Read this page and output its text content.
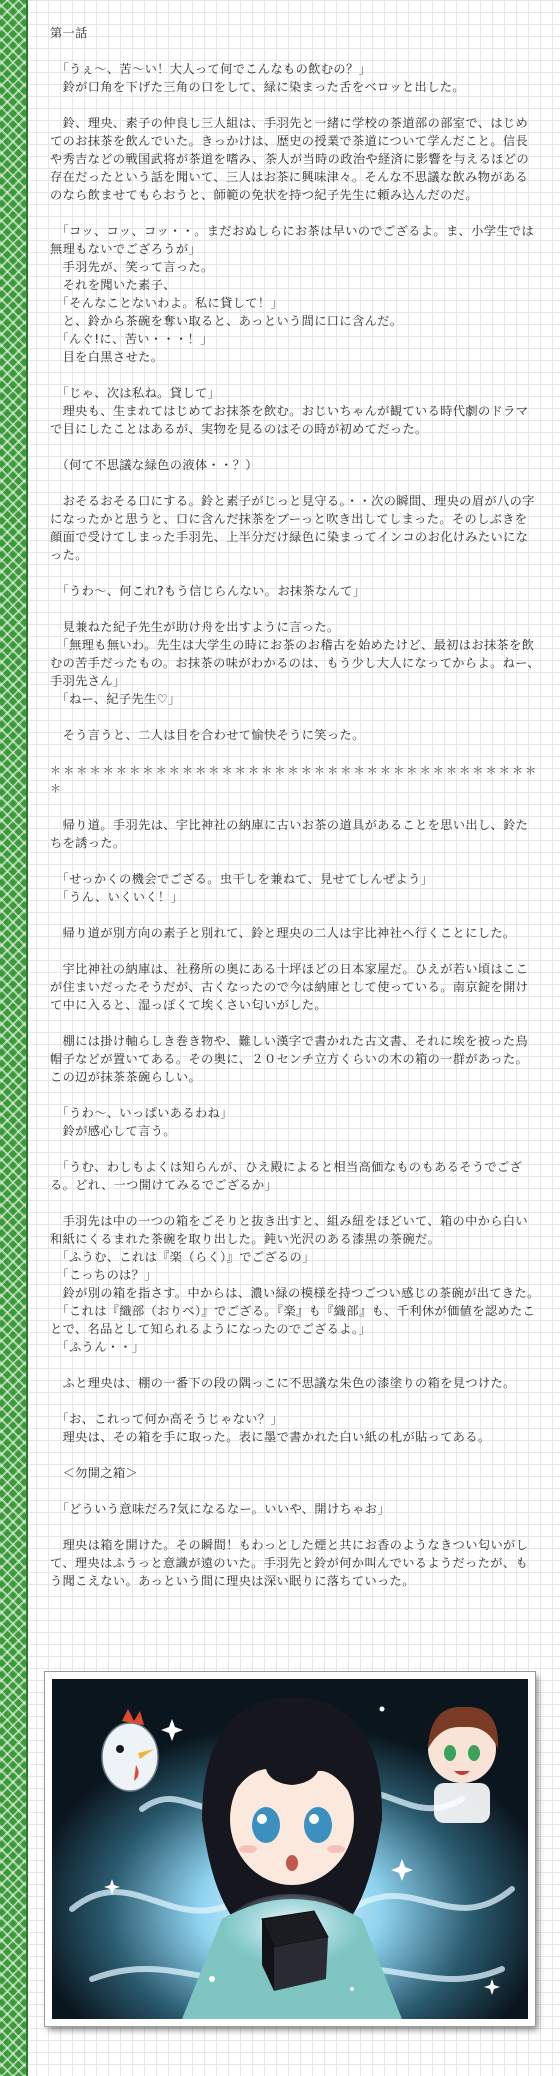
第一話

　「うぇ〜、苦〜い！大人って何でこんなもの飲むの？」

　鈴が口角を下げた三角の口をして、緑に染まった舌をベロッと出した。

　鈴、理央、素子の仲良し三人組は、手羽先と一緒に学校の茶道部の部室で、はじめてのお抹茶を飲んでいた。きっかけは、歴史の授業で茶道について学んだこと。信長や秀吉などの戦国武将が茶道を嗜み、茶人が当時の政治や経済に影響を与えるほどの存在だったという話を聞いて、三人はお茶に興味津々。そんな不思議な飲み物があるのなら飲ませてもらおうと、師範の免状を持つ紀子先生に頼み込んだのだ。

　「コッ、コッ、コッ・・。まだおぬしらにお茶は早いのでござるよ。ま、小学生では無理もないでござろうが」

　手羽先が、笑って言った。

　それを聞いた素子、

　「そんなことないわよ。私に貸して！」

　と、鈴から茶碗を奪い取ると、あっという間に口に含んだ。

　「んぐ!に、苦い・・・！」

　目を白黒させた。

　「じゃ、次は私ね。貸して」

　理央も、生まれてはじめてお抹茶を飲む。おじいちゃんが観ている時代劇のドラマで目にしたことはあるが、実物を見るのはその時が初めてだった。

　（何て不思議な緑色の液体・・？）

　おそるおそる口にする。鈴と素子がじっと見守る。・・次の瞬間、理央の眉が八の字になったかと思うと、口に含んだ抹茶をブーっと吹き出してしまった。そのしぶきを顔面で受けてしまった手羽先、上半分だけ緑色に染まってインコのお化けみたいになった。

　「うわ〜、何これ?もう信じらんない。お抹茶なんて」

　見兼ねた紀子先生が助け舟を出すように言った。

　「無理も無いわ。先生は大学生の時にお茶のお稽古を始めたけど、最初はお抹茶を飲むの苦手だったもの。お抹茶の味がわかるのは、もう少し大人になってからよ。ねー、手羽先さん」

　「ねー、紀子先生♡」

　そう言うと、二人は目を合わせて愉快そうに笑った。

＊＊＊＊＊＊＊＊＊＊＊＊＊＊＊＊＊＊＊＊＊＊＊＊＊＊＊＊＊＊＊＊＊＊＊＊＊＊

　帰り道。手羽先は、宇比神社の納庫に古いお茶の道具があることを思い出し、鈴たちを誘った。

　「せっかくの機会でござる。虫干しを兼ねて、見せてしんぜよう」

　「うん、いくいく！」

　帰り道が別方向の素子と別れて、鈴と理央の二人は宇比神社へ行くことにした。

　宇比神社の納庫は、社務所の奥にある十坪ほどの日本家屋だ。ひえが若い頃はここが住まいだったそうだが、古くなったので今は納庫として使っている。南京錠を開けて中に入ると、湿っぽくて埃くさい匂いがした。

　棚には掛け軸らしき巻き物や、難しい漢字で書かれた古文書、それに埃を被った烏帽子などが置いてある。その奥に、２０センチ立方くらいの木の箱の一群があった。この辺が抹茶茶碗らしい。

　「うわ〜、いっぱいあるわね」

　鈴が感心して言う。

　「うむ、わしもよくは知らんが、ひえ殿によると相当高価なものもあるそうでござる。どれ、一つ開けてみるでござるか」

　手羽先は中の一つの箱をごそりと抜き出すと、組み紐をほどいて、箱の中から白い和紙にくるまれた茶碗を取り出した。鈍い光沢のある漆黒の茶碗だ。

　「ふうむ、これは『楽（らく）』でござるの」

　「こっちのは？」

　鈴が別の箱を指さす。中からは、濃い緑の模様を持つごつい感じの茶碗が出てきた。

　「これは『織部（おりべ）』でござる。『楽』も『織部』も、千利休が価値を認めたことで、名品として知られるようになったのでござるよ。」

　「ふうん・・」

　ふと理央は、棚の一番下の段の隅っこに不思議な朱色の漆塗りの箱を見つけた。

　「お、これって何か高そうじゃない？」

　理央は、その箱を手に取った。表に墨で書かれた白い紙の札が貼ってある。

　＜勿開之箱＞

　「どういう意味だろ?気になるなー。いいや、開けちゃお」

　理央は箱を開けた。その瞬間！もわっとした煙と共にお香のようなきつい匂いがして、理央はふうっと意識が遠のいた。手羽先と鈴が何か叫んでいるようだったが、もう聞こえない。あっという間に理央は深い眠りに落ちていった。
